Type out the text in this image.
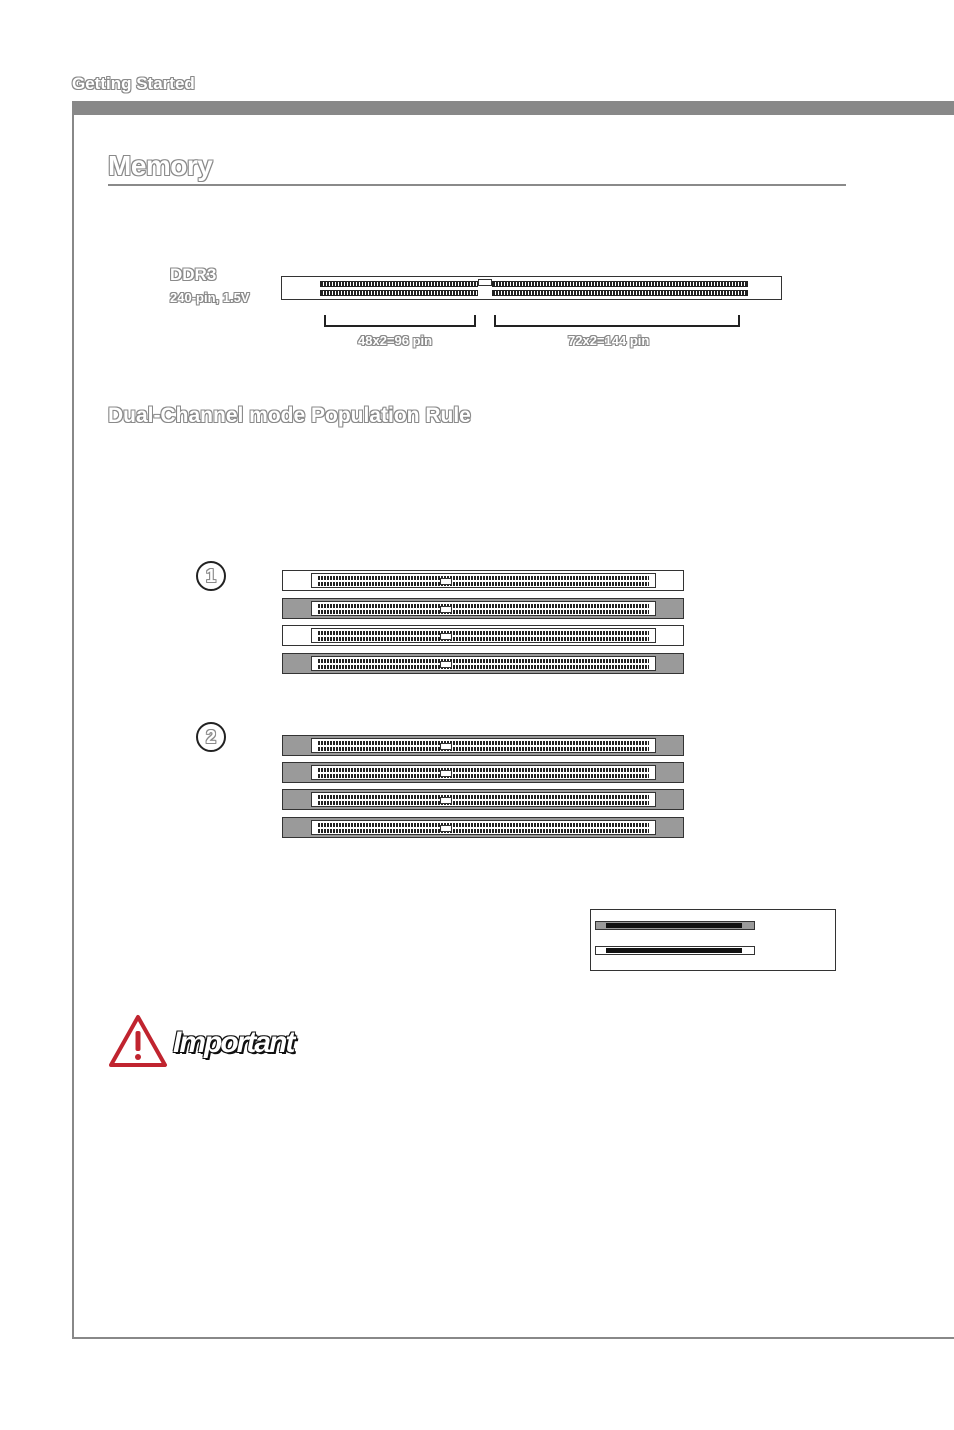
Getting Started
Memory
DDR3
240-pin, 1.5V
48x2=96 pin	72x2=144 pin
Dual-Channel mode Population Rule
1
2
Important
